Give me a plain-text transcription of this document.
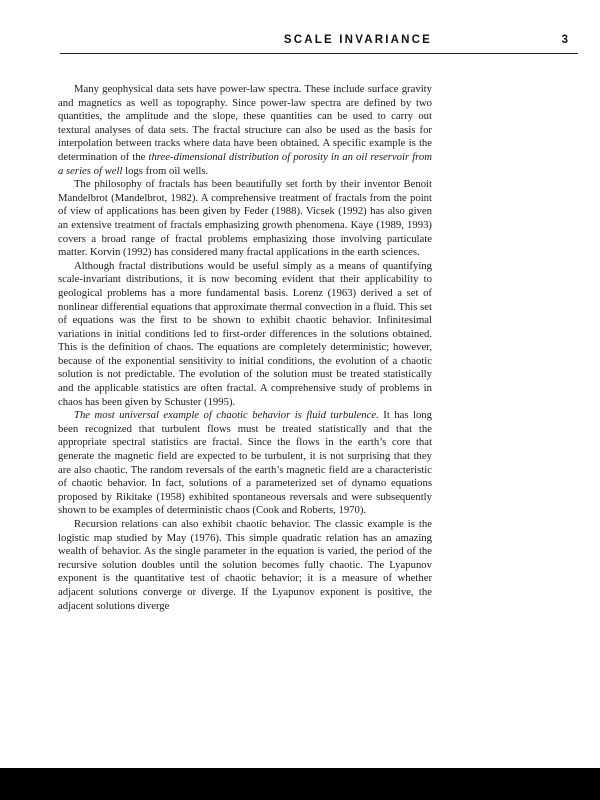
SCALE INVARIANCE	3

Many geophysical data sets have power-law spectra. These include surface gravity and magnetics as well as topography. Since power-law spectra are defined by two quantities, the amplitude and the slope, these quantities can be used to carry out textural analyses of data sets. The fractal structure can also be used as the basis for interpolation between tracks where data have been obtained. A specific example is the determination of the three-dimensional distribution of porosity in an oil reservoir from a series of well logs from oil wells.

The philosophy of fractals has been beautifully set forth by their inventor Benoit Mandelbrot (Mandelbrot, 1982). A comprehensive treatment of fractals from the point of view of applications has been given by Feder (1988). Vicsek (1992) has also given an extensive treatment of fractals emphasizing growth phenomena. Kaye (1989, 1993) covers a broad range of fractal problems emphasizing those involving particulate matter. Korvin (1992) has considered many fractal applications in the earth sciences.

Although fractal distributions would be useful simply as a means of quantifying scale-invariant distributions, it is now becoming evident that their applicability to geological problems has a more fundamental basis. Lorenz (1963) derived a set of nonlinear differential equations that approximate thermal convection in a fluid. This set of equations was the first to be shown to exhibit chaotic behavior. Infinitesimal variations in initial conditions led to first-order differences in the solutions obtained. This is the definition of chaos. The equations are completely deterministic; however, because of the exponential sensitivity to initial conditions, the evolution of a chaotic solution is not predictable. The evolution of the solution must be treated statistically and the applicable statistics are often fractal. A comprehensive study of problems in chaos has been given by Schuster (1995).

The most universal example of chaotic behavior is fluid turbulence. It has long been recognized that turbulent flows must be treated statistically and that the appropriate spectral statistics are fractal. Since the flows in the earth’s core that generate the magnetic field are expected to be turbulent, it is not surprising that they are also chaotic. The random reversals of the earth’s magnetic field are a characteristic of chaotic behavior. In fact, solutions of a parameterized set of dynamo equations proposed by Rikitake (1958) exhibited spontaneous reversals and were subsequently shown to be examples of deterministic chaos (Cook and Roberts, 1970).

Recursion relations can also exhibit chaotic behavior. The classic example is the logistic map studied by May (1976). This simple quadratic relation has an amazing wealth of behavior. As the single parameter in the equation is varied, the period of the recursive solution doubles until the solution becomes fully chaotic. The Lyapunov exponent is the quantitative test of chaotic behavior; it is a measure of whether adjacent solutions converge or diverge. If the Lyapunov exponent is positive, the adjacent solutions diverge
